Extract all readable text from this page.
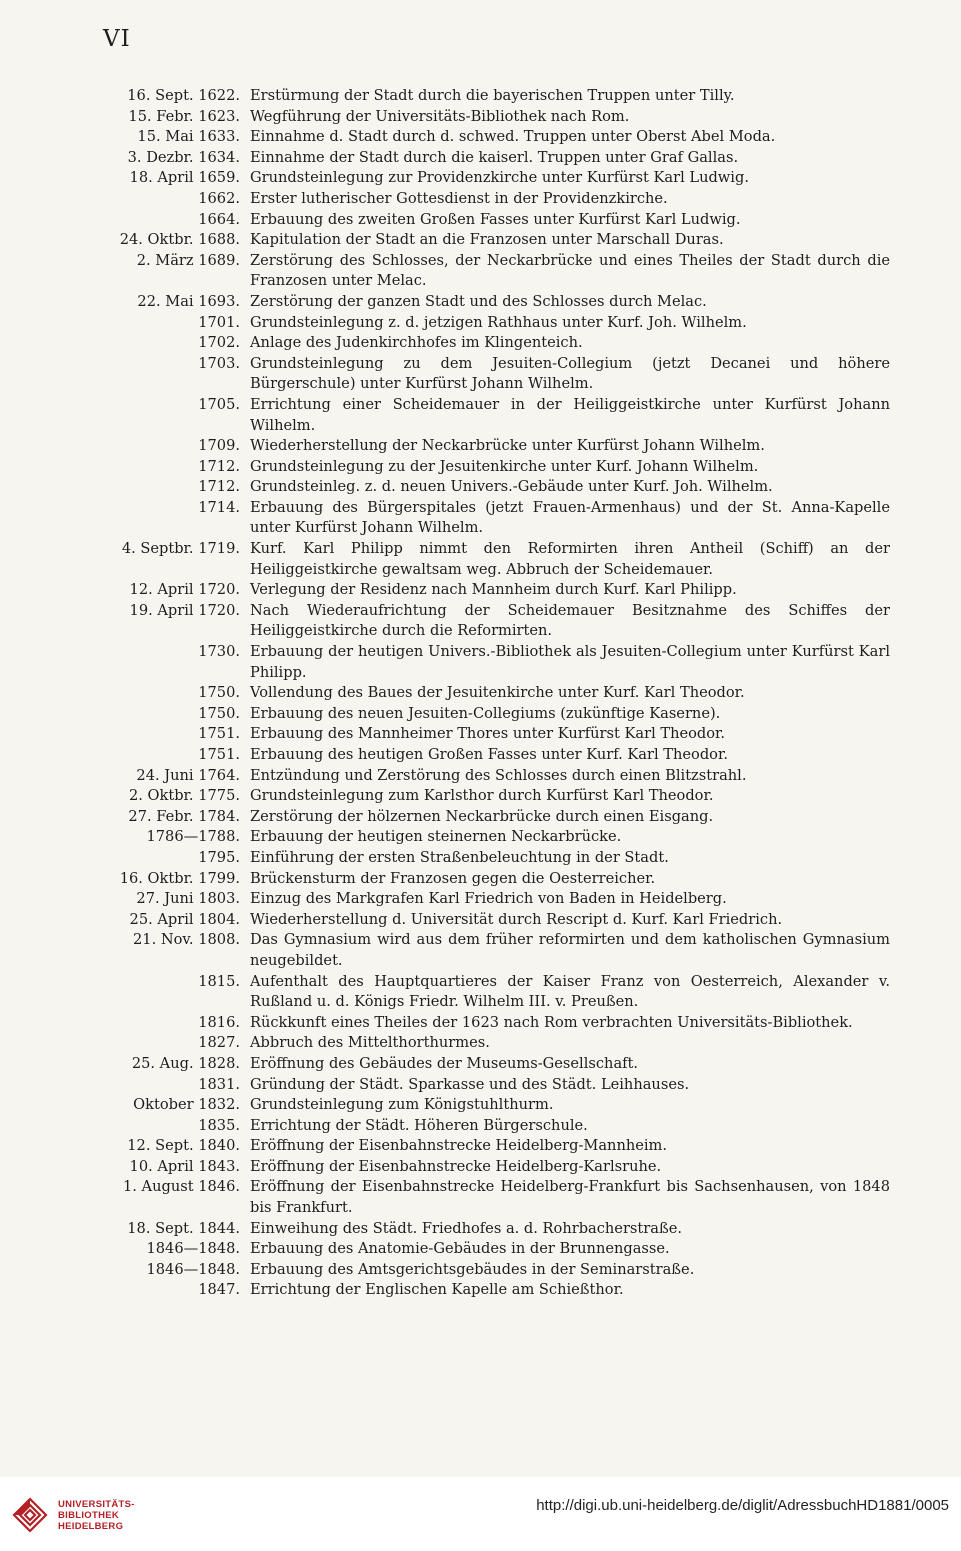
VI
16. Sept. 1622. Erstürmung der Stadt durch die bayerischen Truppen unter Tilly.
15. Febr. 1623. Wegführung der Universitäts-Bibliothek nach Rom.
15. Mai 1633. Einnahme d. Stadt durch d. schwed. Truppen unter Oberst Abel Moda.
3. Dezbr. 1634. Einnahme der Stadt durch die kaiserl. Truppen unter Graf Gallas.
18. April 1659. Grundsteinlegung zur Providenzkirche unter Kurfürst Karl Ludwig.
1662. Erster lutherischer Gottesdienst in der Providenzkirche.
1664. Erbauung des zweiten Großen Fasses unter Kurfürst Karl Ludwig.
24. Oktbr. 1688. Kapitulation der Stadt an die Franzosen unter Marschall Duras.
2. März 1689. Zerstörung des Schlosses, der Neckarbrücke und eines Theiles der Stadt durch die Franzosen unter Melac.
22. Mai 1693. Zerstörung der ganzen Stadt und des Schlosses durch Melac.
1701. Grundsteinlegung z. d. jetzigen Rathhaus unter Kurf. Joh. Wilhelm.
1702. Anlage des Judenkirchhofes im Klingenteich.
1703. Grundsteinlegung zu dem Jesuiten-Collegium (jetzt Decanei und höhere Bürgerschule) unter Kurfürst Johann Wilhelm.
1705. Errichtung einer Scheidemauer in der Heiliggeistkirche unter Kurfürst Johann Wilhelm.
1709. Wiederherstellung der Neckarbrücke unter Kurfürst Johann Wilhelm.
1712. Grundsteinlegung zu der Jesuitenkirche unter Kurf. Johann Wilhelm.
1712. Grundsteinleg. z. d. neuen Univers.-Gebäude unter Kurf. Joh. Wilhelm.
1714. Erbauung des Bürgerspitales (jetzt Frauen-Armenhaus) und der St. Anna-Kapelle unter Kurfürst Johann Wilhelm.
4. Septbr. 1719. Kurf. Karl Philipp nimmt den Reformirten ihren Antheil (Schiff) an der Heiliggeistkirche gewaltsam weg. Abbruch der Scheidemauer.
12. April 1720. Verlegung der Residenz nach Mannheim durch Kurf. Karl Philipp.
19. April 1720. Nach Wiederaufrichtung der Scheidemauer Besitznahme des Schiffes der Heiliggeistkirche durch die Reformirten.
1730. Erbauung der heutigen Univers.-Bibliothek als Jesuiten-Collegium unter Kurfürst Karl Philipp.
1750. Vollendung des Baues der Jesuitenkirche unter Kurf. Karl Theodor.
1750. Erbauung des neuen Jesuiten-Collegiums (zukünftige Kaserne).
1751. Erbauung des Mannheimer Thores unter Kurfürst Karl Theodor.
1751. Erbauung des heutigen Großen Fasses unter Kurf. Karl Theodor.
24. Juni 1764. Entzündung und Zerstörung des Schlosses durch einen Blitzstrahl.
2. Oktbr. 1775. Grundsteinlegung zum Karlsthor durch Kurfürst Karl Theodor.
27. Febr. 1784. Zerstörung der hölzernen Neckarbrücke durch einen Eisgang.
1786—1788. Erbauung der heutigen steinernen Neckarbrücke.
1795. Einführung der ersten Straßenbeleuchtung in der Stadt.
16. Oktbr. 1799. Brückensturm der Franzosen gegen die Oesterreicher.
27. Juni 1803. Einzug des Markgrafen Karl Friedrich von Baden in Heidelberg.
25. April 1804. Wiederherstellung d. Universität durch Rescript d. Kurf. Karl Friedrich.
21. Nov. 1808. Das Gymnasium wird aus dem früher reformirten und dem katholischen Gymnasium neugebildet.
1815. Aufenthalt des Hauptquartieres der Kaiser Franz von Oesterreich, Alexander v. Rußland u. d. Königs Friedr. Wilhelm III. v. Preußen.
1816. Rückkunft eines Theiles der 1623 nach Rom verbrachten Universitäts-Bibliothek.
1827. Abbruch des Mittelthorthurmes.
25. Aug. 1828. Eröffnung des Gebäudes der Museums-Gesellschaft.
1831. Gründung der Städt. Sparkasse und des Städt. Leihhauses.
Oktober 1832. Grundsteinlegung zum Königstuhlthurm.
1835. Errichtung der Städt. Höheren Bürgerschule.
12. Sept. 1840. Eröffnung der Eisenbahnstrecke Heidelberg-Mannheim.
10. April 1843. Eröffnung der Eisenbahnstrecke Heidelberg-Karlsruhe.
1. August 1846. Eröffnung der Eisenbahnstrecke Heidelberg-Frankfurt bis Sachsenhausen, von 1848 bis Frankfurt.
18. Sept. 1844. Einweihung des Städt. Friedhofes a. d. Rohrbacherstraße.
1846—1848. Erbauung des Anatomie-Gebäudes in der Brunnengasse.
1846—1848. Erbauung des Amtsgerichtsgebäudes in der Seminarstraße.
1847. Errichtung der Englischen Kapelle am Schießthor.
UNIVERSITÄTS-
BIBLIOTHEK
HEIDELBERG
http://digi.ub.uni-heidelberg.de/diglit/AdressbuchHD1881/0005
